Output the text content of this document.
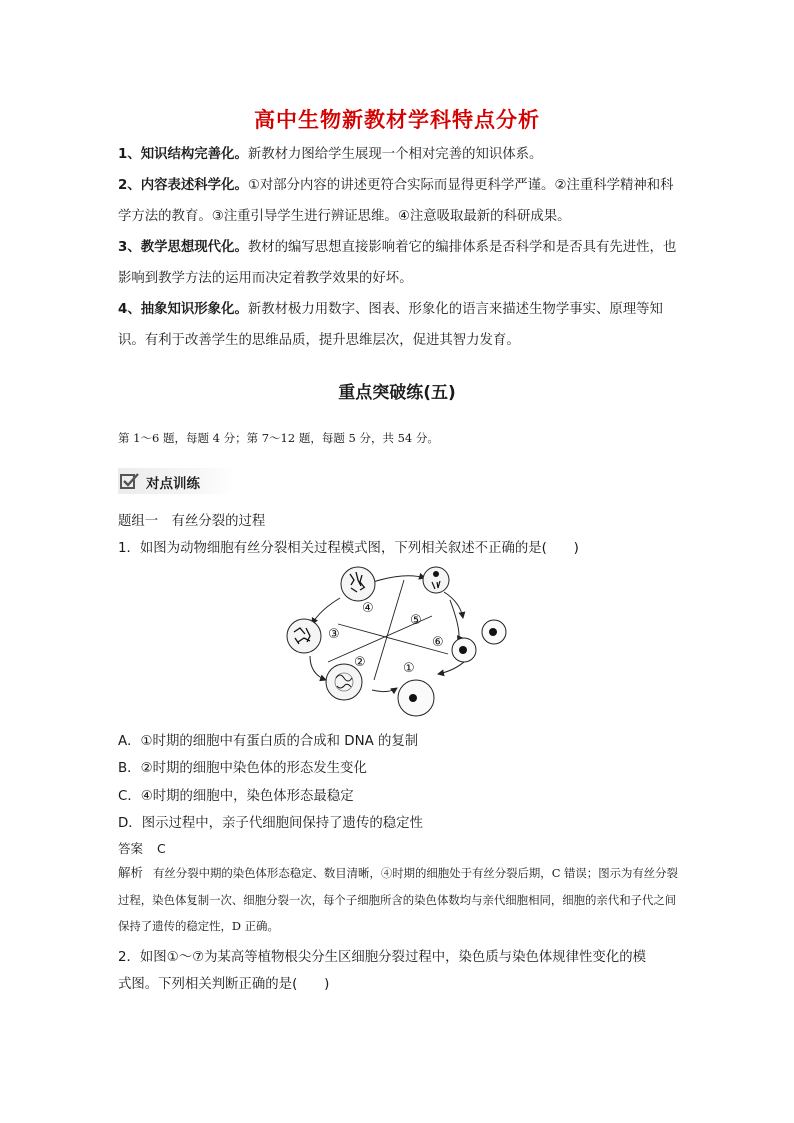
高中生物新教材学科特点分析

1、知识结构完善化。新教材力图给学生展现一个相对完善的知识体系。

2、内容表述科学化。①对部分内容的讲述更符合实际而显得更科学严谨。②注重科学精神和科学方法的教育。③注重引导学生进行辨证思维。④注意吸取最新的科研成果。

3、教学思想现代化。教材的编写思想直接影响着它的编排体系是否科学和是否具有先进性，也影响到教学方法的运用而决定着教学效果的好坏。

4、抽象知识形象化。新教材极力用数字、图表、形象化的语言来描述生物学事实、原理等知识。有利于改善学生的思维品质，提升思维层次，促进其智力发育。

重点突破练(五)
第 1～6 题，每题 4 分；第 7～12 题，每题 5 分，共 54 分。
对点训练
题组一　有丝分裂的过程
1．如图为动物细胞有丝分裂相关过程模式图，下列相关叙述不正确的是(　　)
①
②
③
④
⑤
⑥
A．①时期的细胞中有蛋白质的合成和 DNA 的复制
B．②时期的细胞中染色体的形态发生变化
C．④时期的细胞中，染色体形态最稳定
D．图示过程中，亲子代细胞间保持了遗传的稳定性
答案 C
解析 有丝分裂中期的染色体形态稳定、数目清晰，④时期的细胞处于有丝分裂后期，C 错误；图示为有丝分裂过程，染色体复制一次、细胞分裂一次，每个子细胞所含的染色体数均与亲代细胞相同，细胞的亲代和子代之间保持了遗传的稳定性，D 正确。
2．如图①～⑦为某高等植物根尖分生区细胞分裂过程中，染色质与染色体规律性变化的模
式图。下列相关判断正确的是(　　)
